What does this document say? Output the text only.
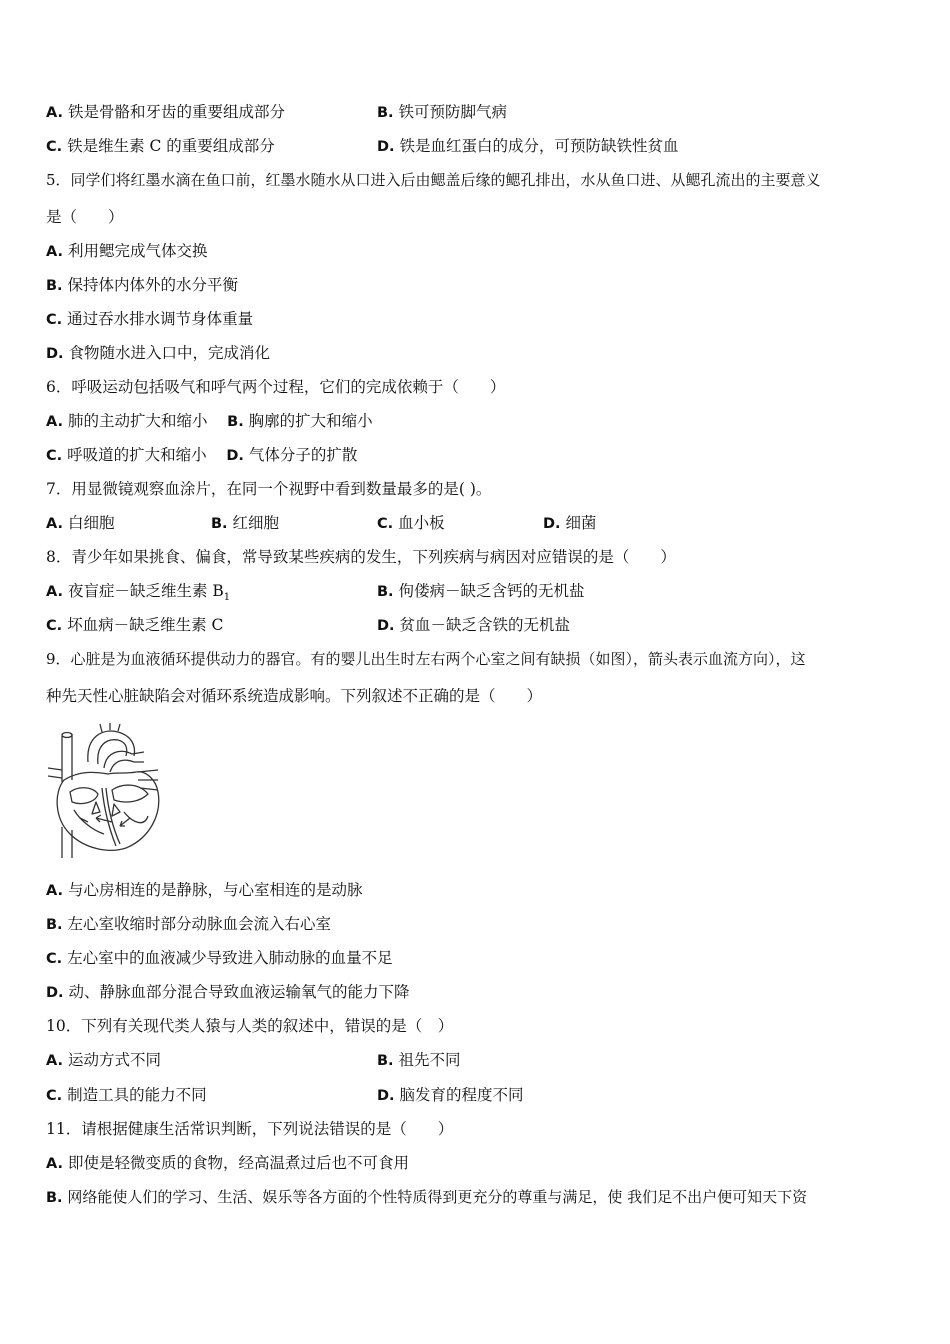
A. 铁是骨骼和牙齿的重要组成部分	B. 铁可预防脚气病
C. 铁是维生素 C 的重要组成部分	D. 铁是血红蛋白的成分，可预防缺铁性贫血
5．同学们将红墨水滴在鱼口前，红墨水随水从口进入后由鳃盖后缘的鳃孔排出，水从鱼口进、从鳃孔流出的主要意义
是（　　）
A. 利用鳃完成气体交换
B. 保持体内体外的水分平衡
C. 通过吞水排水调节身体重量
D. 食物随水进入口中，完成消化
6．呼吸运动包括吸气和呼气两个过程，它们的完成依赖于（　　）
A. 肺的主动扩大和缩小 B. 胸廓的扩大和缩小
C. 呼吸道的扩大和缩小 D. 气体分子的扩散
7．用显微镜观察血涂片，在同一个视野中看到数量最多的是( )。
A. 白细胞	B. 红细胞	C. 血小板	D. 细菌
8．青少年如果挑食、偏食，常导致某些疾病的发生，下列疾病与病因对应错误的是（　　）
A. 夜盲症－缺乏维生素 $B_1$	B. 佝偻病－缺乏含钙的无机盐
C. 坏血病－缺乏维生素 C	D. 贫血－缺乏含铁的无机盐
9．心脏是为血液循环提供动力的器官。有的婴儿出生时左右两个心室之间有缺损（如图），箭头表示血流方向），这
种先天性心脏缺陷会对循环系统造成影响。下列叙述不正确的是（　　）
A. 与心房相连的是静脉，与心室相连的是动脉
B. 左心室收缩时部分动脉血会流入右心室
C. 左心室中的血液减少导致进入肺动脉的血量不足
D. 动、静脉血部分混合导致血液运输氧气的能力下降
10．下列有关现代类人猿与人类的叙述中，错误的是（　）
A. 运动方式不同	B. 祖先不同
C. 制造工具的能力不同	D. 脑发育的程度不同
11．请根据健康生活常识判断，下列说法错误的是（　　）
A. 即使是轻微变质的食物，经高温煮过后也不可食用
B. 网络能使人们的学习、生活、娱乐等各方面的个性特质得到更充分的尊重与满足，使 我们足不出户便可知天下资
